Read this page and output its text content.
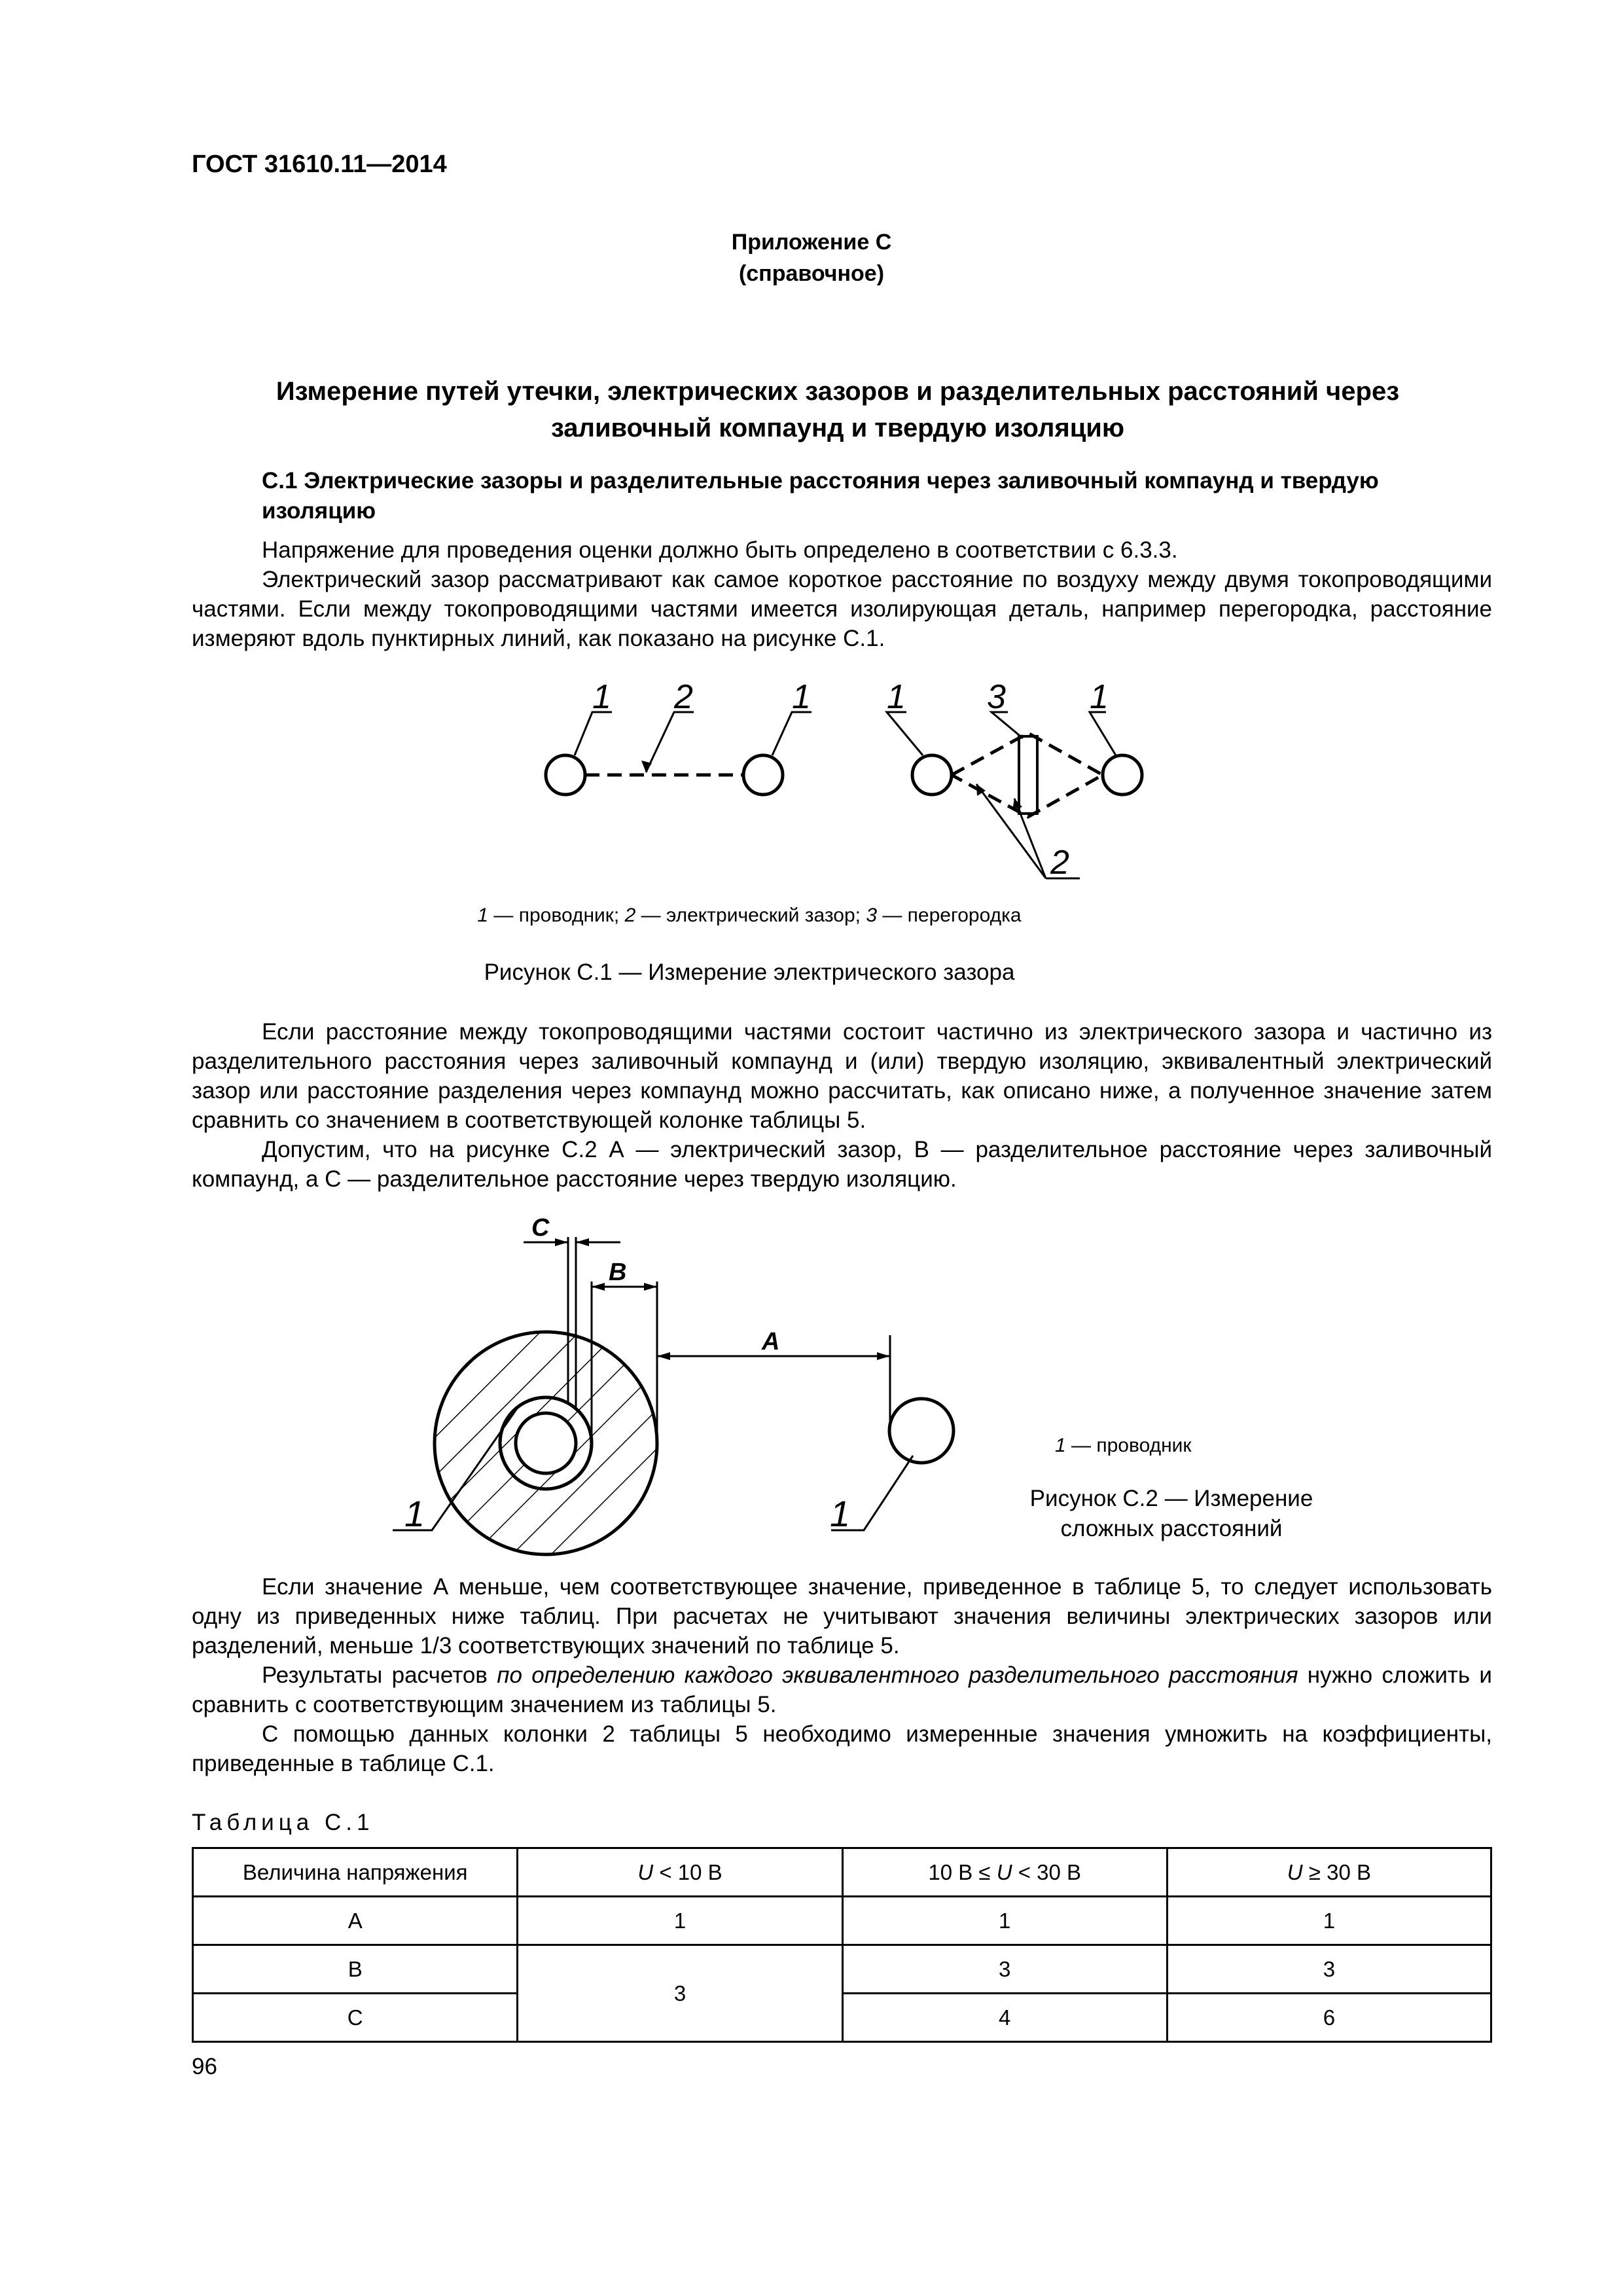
ГОСТ 31610.11—2014
Приложение С
(справочное)
Измерение путей утечки, электрических зазоров и разделительных расстояний через
заливочный компаунд и твердую изоляцию
С.1 Электрические зазоры и разделительные расстояния через заливочный компаунд и твердую изоляцию

Напряжение для проведения оценки должно быть определено в соответствии с 6.3.3.

Электрический зазор рассматривают как самое короткое расстояние по воздуху между двумя токопроводящими частями. Если между токопроводящими частями имеется изолирующая деталь, например перегородка, расстояние измеряют вдоль пунктирных линий, как показано на рисунке С.1.

1 2	1 1 3 1
2
1 — проводник; 2 — электрический зазор; 3 — перегородка
Рисунок С.1 — Измерение электрического зазора

Если расстояние между токопроводящими частями состоит частично из электрического зазора и частично из разделительного расстояния через заливочный компаунд и (или) твердую изоляцию, эквивалентный электрический зазор или расстояние разделения через компаунд можно рассчитать, как описано ниже, а полученное значение затем сравнить со значением в соответствующей колонке таблицы 5.

Допустим, что на рисунке С.2 А — электрический зазор, В — разделительное расстояние через заливочный компаунд, а С — разделительное расстояние через твердую изоляцию.

C
B
A
1	1
1 — проводник
Рисунок С.2 — Измерение
сложных расстояний

Если значение А меньше, чем соответствующее значение, приведенное в таблице 5, то следует использовать одну из приведенных ниже таблиц. При расчетах не учитывают значения величины электрических зазоров или разделений, меньше 1/3 соответствующих значений по таблице 5.

Результаты расчетов по определению каждого эквивалентного разделительного расстояния нужно сложить и сравнить с соответствующим значением из таблицы 5.

С помощью данных колонки 2 таблицы 5 необходимо измеренные значения умножить на коэффициенты, приведенные в таблице С.1.

Таблица С.1
Величина напряжения	U < 10 В	10 В ≤ U < 30 В	U ≥ 30 В
А	1	1	1
В	3	3	3
С		4	6
96
